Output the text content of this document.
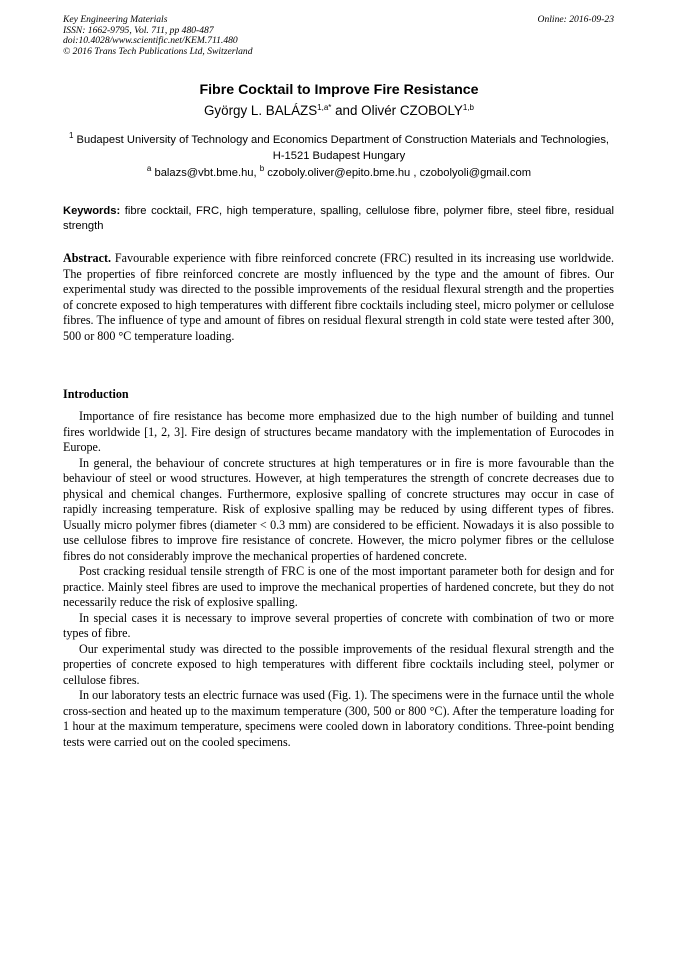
Key Engineering Materials
ISSN: 1662-9795, Vol. 711, pp 480-487
doi:10.4028/www.scientific.net/KEM.711.480
© 2016 Trans Tech Publications Ltd, Switzerland
Online: 2016-09-23
Fibre Cocktail to Improve Fire Resistance
György L. $BALÁZS^{1,a*}$ and Olivér CZOBOLY$^{1,b}$
$^1$ Budapest University of Technology and Economics Department of Construction Materials and Technologies, H-1521 Budapest Hungary
$^a$ balazs@vbt.bme.hu, $^b$ czoboly.oliver@epito.bme.hu , czobolyoli@gmail.com
Keywords: fibre cocktail, FRC, high temperature, spalling, cellulose fibre, polymer fibre, steel fibre, residual strength
Abstract. Favourable experience with fibre reinforced concrete (FRC) resulted in its increasing use worldwide. The properties of fibre reinforced concrete are mostly influenced by the type and the amount of fibres. Our experimental study was directed to the possible improvements of the residual flexural strength and the properties of concrete exposed to high temperatures with different fibre cocktails including steel, micro polymer or cellulose fibres. The influence of type and amount of fibres on residual flexural strength in cold state were tested after 300, 500 or 800 °C temperature loading.
Introduction

Importance of fire resistance has become more emphasized due to the high number of building and tunnel fires worldwide [1, 2, 3]. Fire design of structures became mandatory with the implementation of Eurocodes in Europe.

In general, the behaviour of concrete structures at high temperatures or in fire is more favourable than the behaviour of steel or wood structures. However, at high temperatures the strength of concrete decreases due to physical and chemical changes. Furthermore, explosive spalling of concrete structures may occur in case of rapidly increasing temperature. Risk of explosive spalling may be reduced by using different types of fibres. Usually micro polymer fibres (diameter < 0.3 mm) are considered to be efficient. Nowadays it is also possible to use cellulose fibres to improve fire resistance of concrete. However, the micro polymer fibres or the cellulose fibres do not considerably improve the mechanical properties of hardened concrete.

Post cracking residual tensile strength of FRC is one of the most important parameter both for design and for practice. Mainly steel fibres are used to improve the mechanical properties of hardened concrete, but they do not necessarily reduce the risk of explosive spalling.

In special cases it is necessary to improve several properties of concrete with combination of two or more types of fibre.

Our experimental study was directed to the possible improvements of the residual flexural strength and the properties of concrete exposed to high temperatures with different fibre cocktails including steel, polymer or cellulose fibres.

In our laboratory tests an electric furnace was used (Fig. 1). The specimens were in the furnace until the whole cross-section and heated up to the maximum temperature (300, 500 or 800 °C). After the temperature loading for 1 hour at the maximum temperature, specimens were cooled down in laboratory conditions. Three-point bending tests were carried out on the cooled specimens.
